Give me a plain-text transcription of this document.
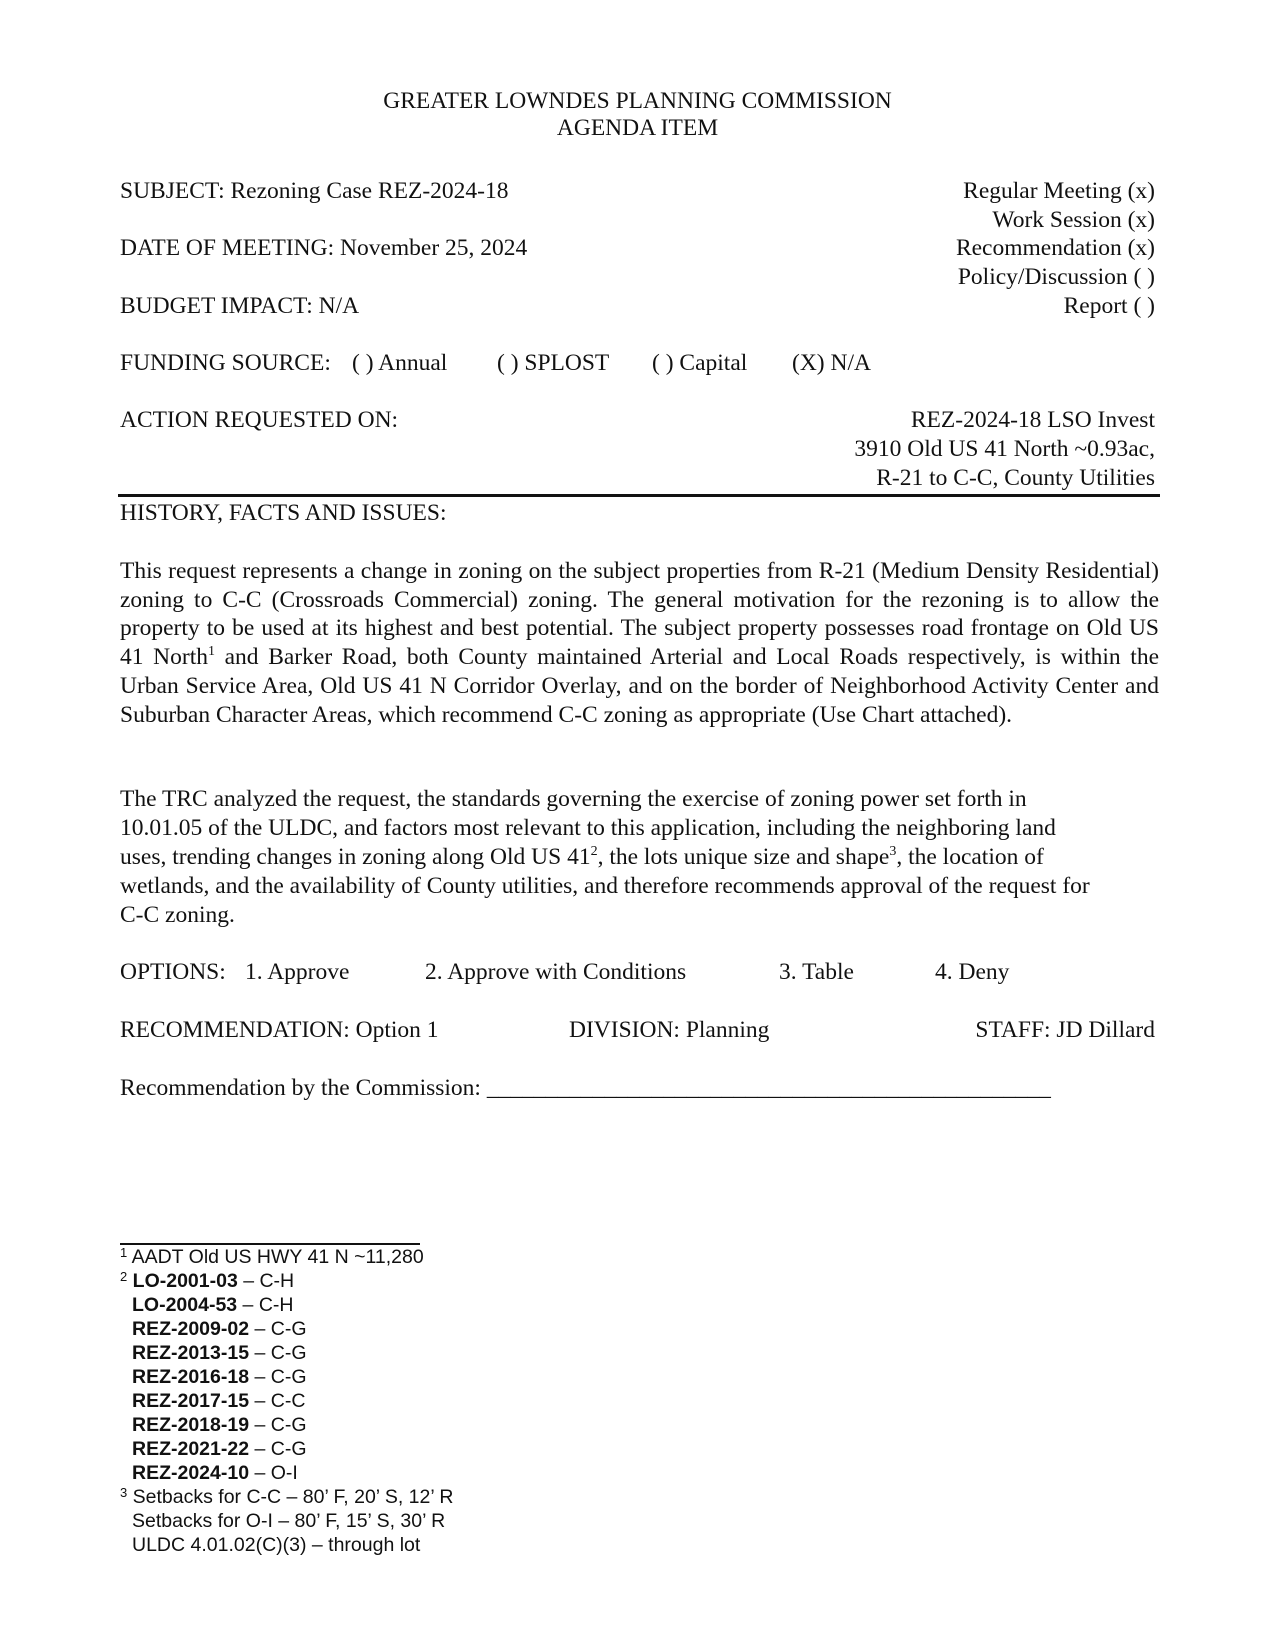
GREATER LOWNDES PLANNING COMMISSION
AGENDA ITEM
SUBJECT: Rezoning Case REZ-2024-18
DATE OF MEETING: November 25, 2024
BUDGET IMPACT: N/A
Regular Meeting (x)
Work Session (x)
Recommendation (x)
Policy/Discussion ( )
Report ( )
FUNDING SOURCE: ( ) Annual ( ) SPLOST ( ) Capital (X) N/A
ACTION REQUESTED ON:	REZ-2024-18 LSO Invest
3910 Old US 41 North ~0.93ac,
R-21 to C-C, County Utilities
HISTORY, FACTS AND ISSUES:

This request represents a change in zoning on the subject properties from R-21 (Medium Density Residential) zoning to C-C (Crossroads Commercial) zoning. The general motivation for the rezoning is to allow the property to be used at its highest and best potential. The subject property possesses road frontage on Old US 41 North$^1$ and Barker Road, both County maintained Arterial and Local Roads respectively, is within the Urban Service Area, Old US 41 N Corridor Overlay, and on the border of Neighborhood Activity Center and Suburban Character Areas, which recommend C-C zoning as appropriate (Use Chart attached).

The TRC analyzed the request, the standards governing the exercise of zoning power set forth in
10.01.05 of the ULDC, and factors most relevant to this application, including the neighboring land
uses, trending changes in zoning along Old US $41^2$, the lots unique size and shape$^3$, the location of
wetlands, and the availability of County utilities, and therefore recommends approval of the request for
C-C zoning.
OPTIONS: 1. Approve	2. Approve with Conditions	3. Table	4. Deny
RECOMMENDATION: Option 1	DIVISION: Planning	STAFF: JD Dillard
Recommendation by the Commission: ________________________________________________
$^1$ AADT Old US HWY 41 N ~11,280
$^2$ LO-2001-03 – C-H
LO-2004-53 – C-H
REZ-2009-02 – C-G
REZ-2013-15 – C-G
REZ-2016-18 – C-G
REZ-2017-15 – C-C
REZ-2018-19 – C-G
REZ-2021-22 – C-G
REZ-2024-10 – O-I
$^3$ Setbacks for C-C – 80’ F, 20’ S, 12’ R
Setbacks for O-I – 80’ F, 15’ S, 30’ R
ULDC 4.01.02(C)(3) – through lot
